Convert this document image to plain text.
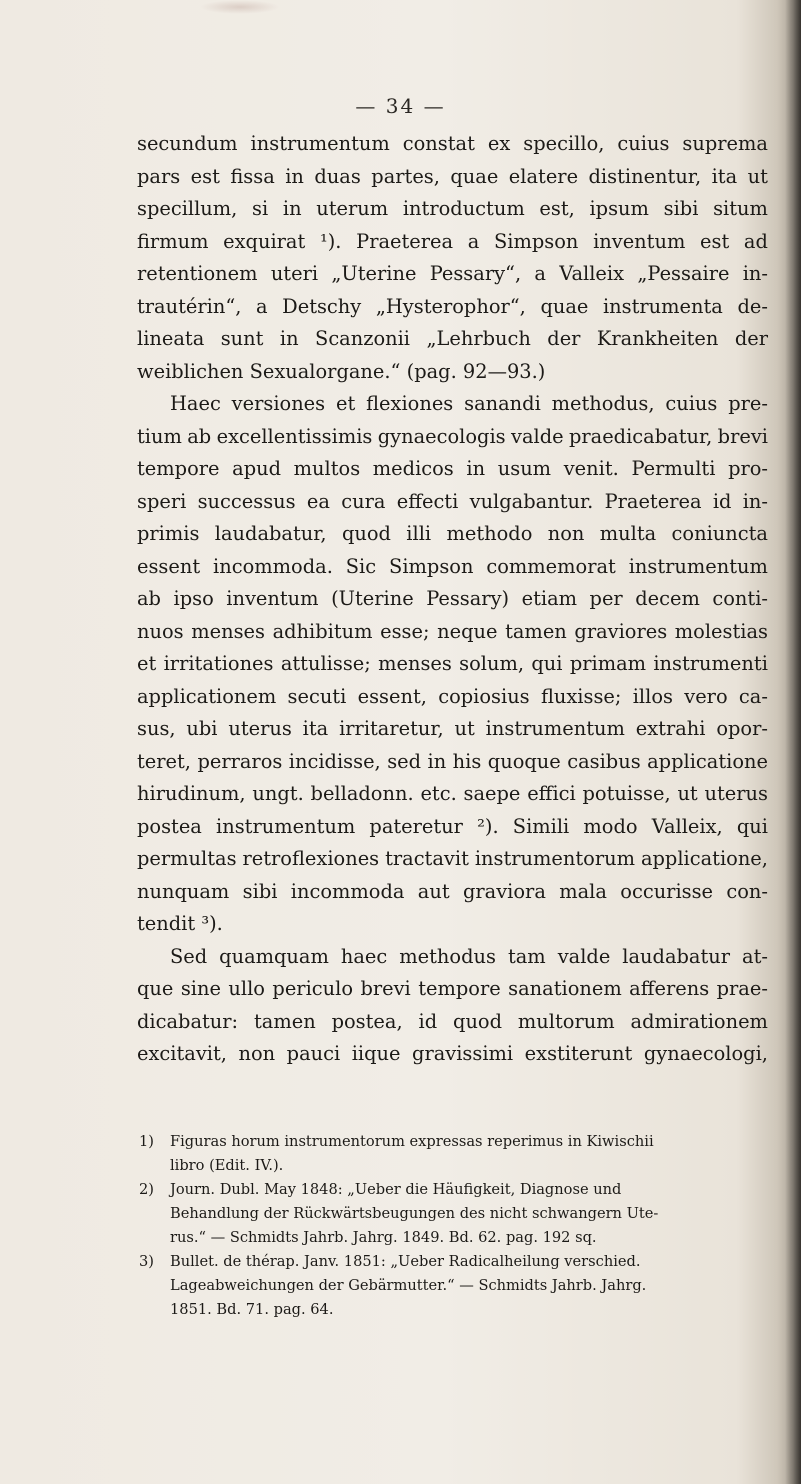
— 34 —
secundum instrumentum constat ex specillo, cuius suprema
pars est fissa in duas partes, quae elatere distinentur, ita ut
specillum, si in uterum introductum est, ipsum sibi situm
firmum exquirat ¹). Praeterea a Simpson inventum est ad
retentionem uteri „Uterine Pessary“, a Valleix „Pessaire in-
trautérin“, a Detschy „Hysterophor“, quae instrumenta de-
lineata sunt in Scanzonii „Lehrbuch der Krankheiten der
weiblichen Sexualorgane.“ (pag. 92—93.)
Haec versiones et flexiones sanandi methodus, cuius pre-
tium ab excellentissimis gynaecologis valde praedicabatur, brevi
tempore apud multos medicos in usum venit. Permulti pro-
speri successus ea cura effecti vulgabantur. Praeterea id in-
primis laudabatur, quod illi methodo non multa coniuncta
essent incommoda. Sic Simpson commemorat instrumentum
ab ipso inventum (Uterine Pessary) etiam per decem conti-
nuos menses adhibitum esse; neque tamen graviores molestias
et irritationes attulisse; menses solum, qui primam instrumenti
applicationem secuti essent, copiosius fluxisse; illos vero ca-
sus, ubi uterus ita irritaretur, ut instrumentum extrahi opor-
teret, perraros incidisse, sed in his quoque casibus applicatione
hirudinum, ungt. belladonn. etc. saepe effici potuisse, ut uterus
postea instrumentum pateretur ²). Simili modo Valleix, qui
permultas retroflexiones tractavit instrumentorum applicatione,
nunquam sibi incommoda aut graviora mala occurisse con-
tendit ³).
Sed quamquam haec methodus tam valde laudabatur at-
que sine ullo periculo brevi tempore sanationem afferens prae-
dicabatur: tamen postea, id quod multorum admirationem
excitavit, non pauci iique gravissimi exstiterunt gynaecologi,
1)	Figuras horum instrumentorum expressas reperimus in Kiwischii
libro (Edit. IV.).
2)	Journ. Dubl. May 1848: „Ueber die Häufigkeit, Diagnose und
Behandlung der Rückwärtsbeugungen des nicht schwangern Ute-
rus.“ — Schmidts Jahrb. Jahrg. 1849. Bd. 62. pag. 192 sq.
3)	Bullet. de thérap. Janv. 1851: „Ueber Radicalheilung verschied.
Lageabweichungen der Gebärmutter.“ — Schmidts Jahrb. Jahrg.
1851. Bd. 71. pag. 64.
